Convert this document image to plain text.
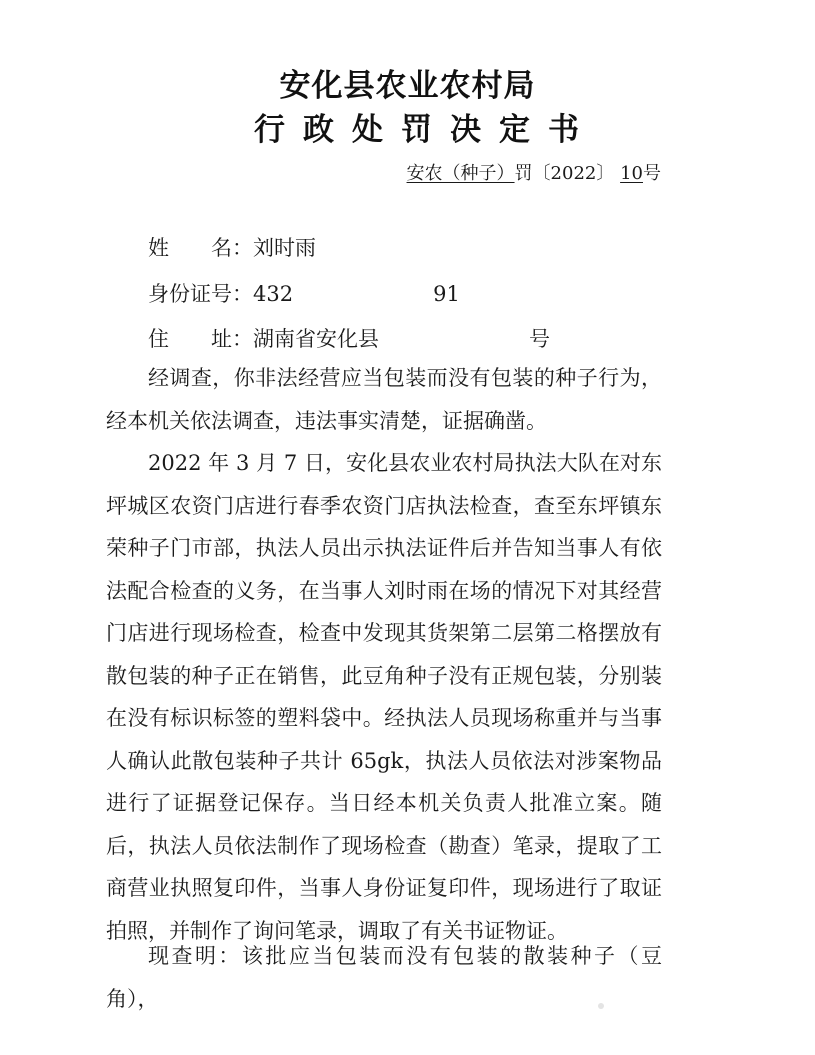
安化县农业农村局
行政处罚决定书
安农（种子）罚〔2022〕 10号
姓 名：刘时雨
身份证号：432	91
住 址：湖南省安化县	号

经调查，你非法经营应当包装而没有包装的种子行为，经本机关依法调查，违法事实清楚，证据确凿。

2022 年 3 月 7 日，安化县农业农村局执法大队在对东坪城区农资门店进行春季农资门店执法检查，查至东坪镇东荣种子门市部，执法人员出示执法证件后并告知当事人有依法配合检查的义务，在当事人刘时雨在场的情况下对其经营门店进行现场检查，检查中发现其货架第二层第二格摆放有散包装的种子正在销售，此豆角种子没有正规包装，分别装在没有标识标签的塑料袋中。经执法人员现场称重并与当事人确认此散包装种子共计 65gk，执法人员依法对涉案物品进行了证据登记保存。当日经本机关负责人批准立案。随后，执法人员依法制作了现场检查（勘查）笔录，提取了工商营业执照复印件，当事人身份证复印件，现场进行了取证拍照，并制作了询问笔录，调取了有关书证物证。

现查明：该批应当包装而没有包装的散装种子（豆角），
